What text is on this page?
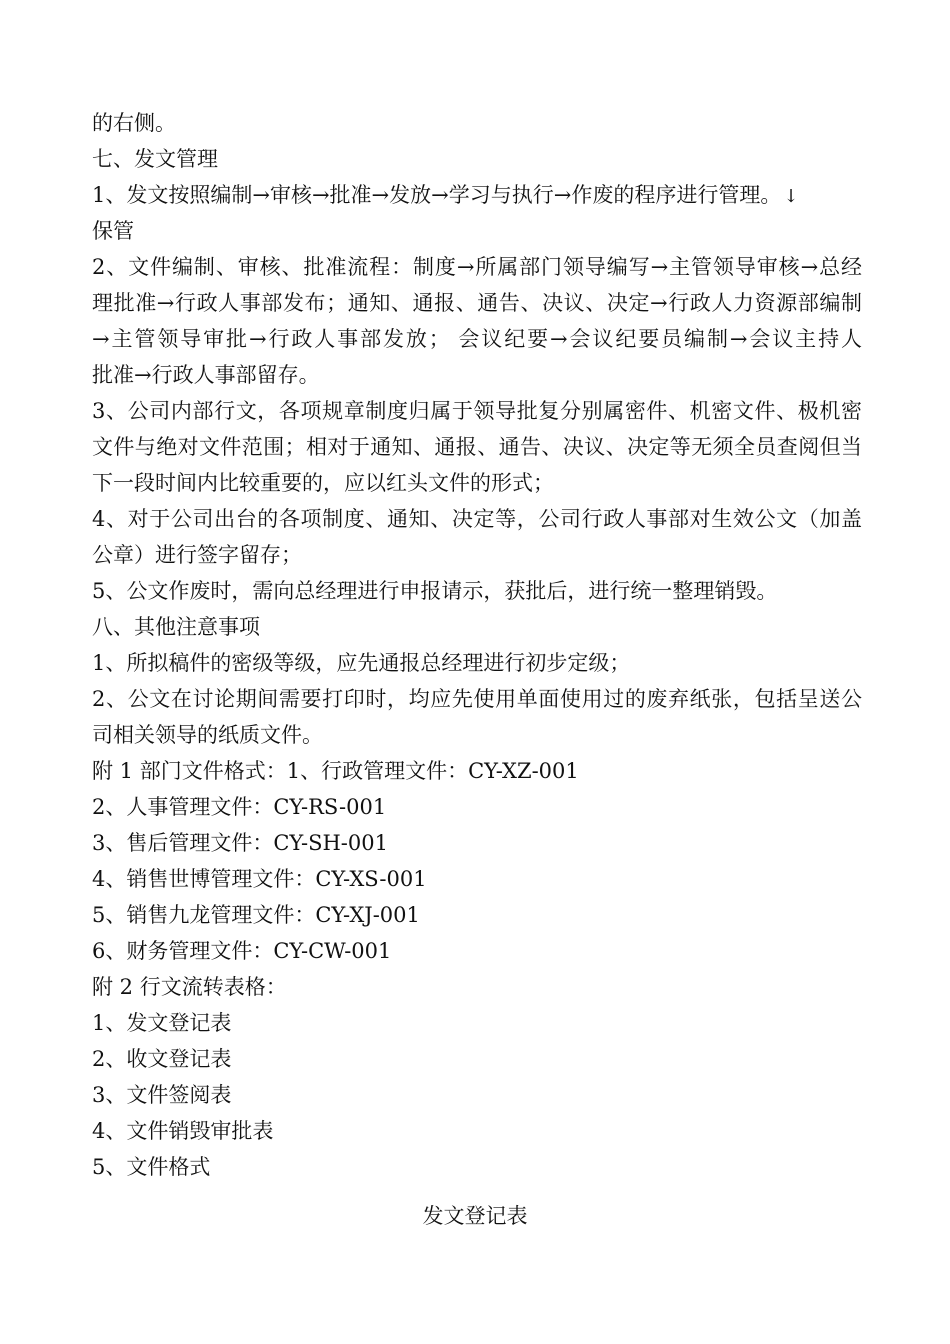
的右侧。
七、发文管理
1、发文按照编制→审核→批准→发放→学习与执行→作废的程序进行管理。 ↓
保管
2、文件编制、审核、批准流程：制度→所属部门领导编写→主管领导审核→总经
理批准→行政人事部发布；通知、通报、通告、决议、决定→行政人力资源部编制
→主管领导审批→行政人事部发放； 会议纪要→会议纪要员编制→会议主持人
批准→行政人事部留存。
3、公司内部行文，各项规章制度归属于领导批复分别属密件、机密文件、极机密
文件与绝对文件范围；相对于通知、通报、通告、决议、决定等无须全员查阅但当
下一段时间内比较重要的，应以红头文件的形式；
4、对于公司出台的各项制度、通知、决定等，公司行政人事部对生效公文（加盖
公章）进行签字留存；
5、公文作废时，需向总经理进行申报请示，获批后，进行统一整理销毁。
八、其他注意事项
1、所拟稿件的密级等级，应先通报总经理进行初步定级；
2、公文在讨论期间需要打印时，均应先使用单面使用过的废弃纸张，包括呈送公
司相关领导的纸质文件。
附 1 部门文件格式：1、行政管理文件：CY-XZ-001
2、人事管理文件：CY-RS-001
3、售后管理文件：CY-SH-001
4、销售世博管理文件：CY-XS-001
5、销售九龙管理文件：CY-XJ-001
6、财务管理文件：CY-CW-001
附 2 行文流转表格：
1、发文登记表
2、收文登记表
3、文件签阅表
4、文件销毁审批表
5、文件格式
发文登记表
